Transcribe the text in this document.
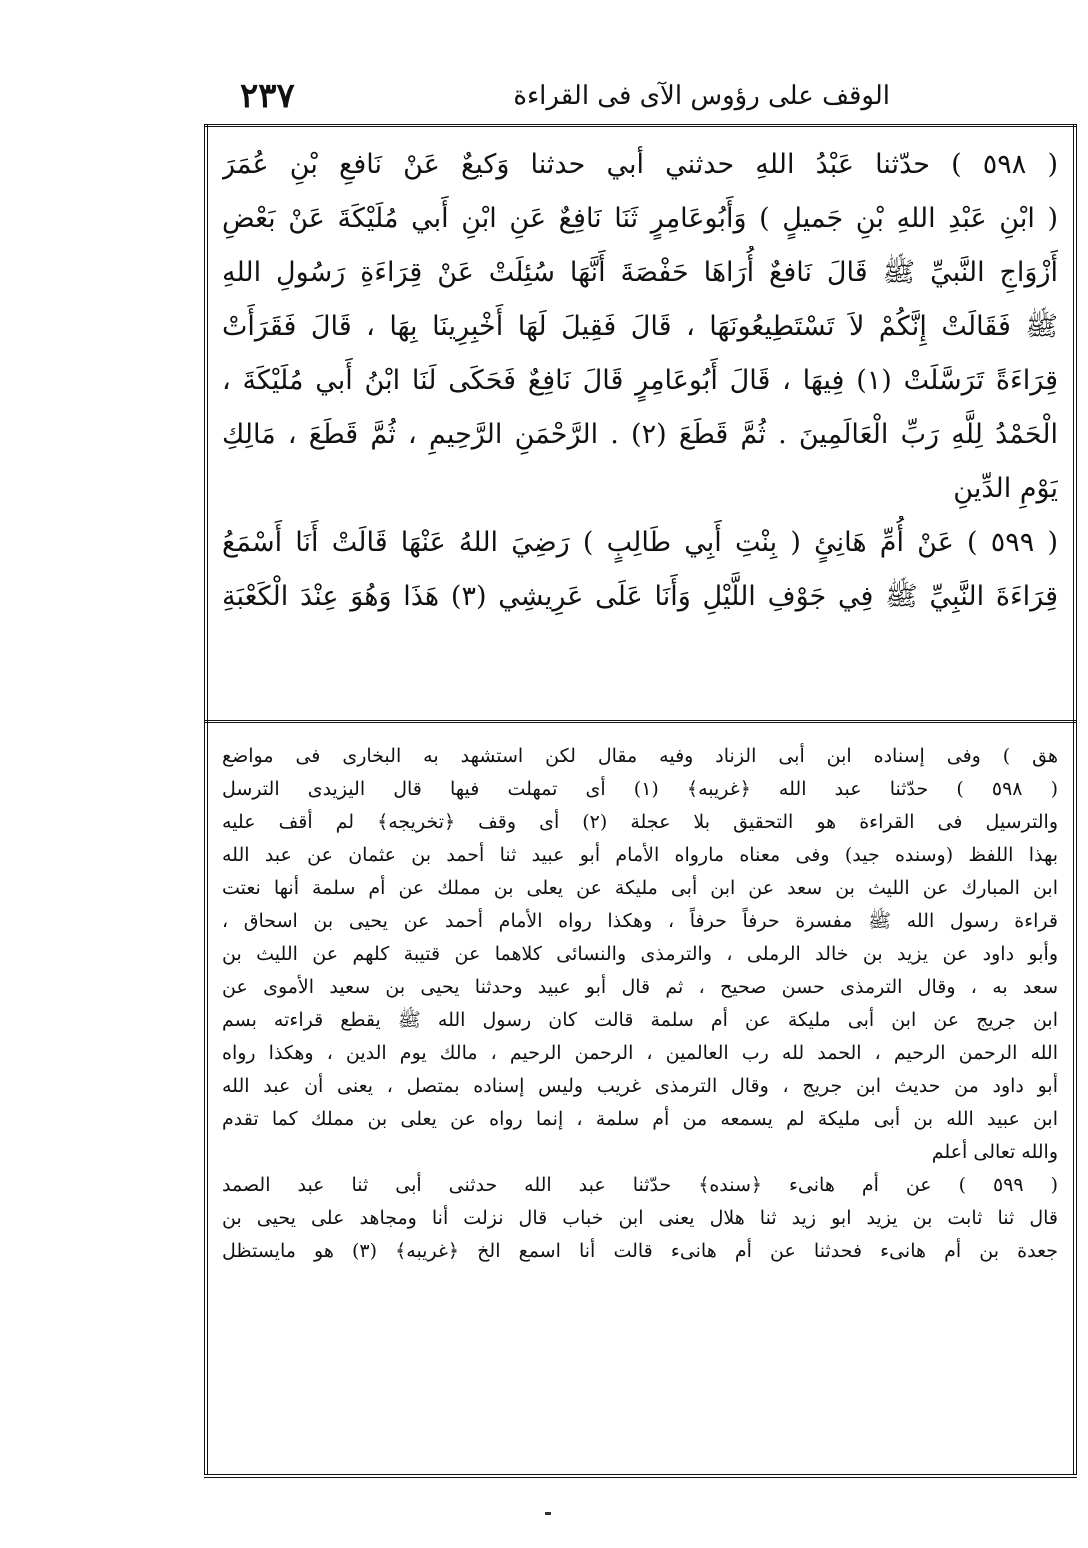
الوقف على رؤوس الآى فى القراءة
٢٣٧
( ٥٩٨ ) حدّثنا عَبْدُ اللهِ حدثني أبي حدثنا وَكيعٌ عَنْ نَافعِ بْنِ عُمَرَ
( ابْنِ عَبْدِ اللهِ بْنِ جَميلٍ ) وَأَبُوعَامِرٍ ثَنَا نَافِعٌ عَنِ ابْنِ أَبي مُلَيْكَةَ عَنْ بَعْضِ
أَزْوَاجِ النَّبيِّ ﷺ قَالَ نَافعٌ أُرَاهَا حَفْصَةَ أَنَّهَا سُئِلَتْ عَنْ قِرَاءَةِ رَسُولِ اللهِ
ﷺ فَقَالَتْ إِنَّكُمْ لاَ تَسْتَطِيعُونَهَا ، قَالَ فَقِيلَ لَهَا أَخْبِرِينَا بِهَا ، قَالَ فَقَرَأَتْ
قِرَاءَةً تَرَسَّلَتْ (١) فِيهَا ، قَالَ أَبُوعَامِرٍ قَالَ نَافِعٌ فَحَكَى لَنَا ابْنُ أَبي مُلَيْكَةَ ،
الْحَمْدُ لِلَّهِ رَبِّ الْعَالَمِينَ . ثُمَّ قَطَعَ (٢) . الرَّحْمَنِ الرَّحِيمِ ، ثُمَّ قَطَعَ ، مَالِكِ
يَوْمِ الدِّينِ
( ٥٩٩ ) عَنْ أُمِّ هَانِئٍ ( بِنْتِ أَبِي طَالِبٍ ) رَضِيَ اللهُ عَنْهَا قَالَتْ أَنَا أَسْمَعُ
قِرَاءَةَ النَّبِيِّ ﷺ فِي جَوْفِ اللَّيْلِ وَأَنَا عَلَى عَرِيشِي (٣) هَذَا وَهُوَ عِنْدَ الْكَعْبَةِ
هق ) وفى إسناده ابن أبى الزناد وفيه مقال لكن استشهد به البخارى فى مواضع
( ٥٩٨ ) حدّثنا عبد الله ﴿غريبه﴾ (١) أى تمهلت فيها قال اليزيدى الترسل
والترسيل فى القراءة هو التحقيق بلا عجلة (٢) أى وقف ﴿تخريجه﴾ لم أقف عليه
بهذا اللفظ (وسنده جيد) وفى معناه مارواه الأمام أبو عبيد ثنا أحمد بن عثمان عن عبد الله
ابن المبارك عن الليث بن سعد عن ابن أبى مليكة عن يعلى بن مملك عن أم سلمة أنها نعتت
قراءة رسول الله ﷺ مفسرة حرفاً حرفاً ، وهكذا رواه الأمام أحمد عن يحيى بن اسحاق ،
وأبو داود عن يزيد بن خالد الرملى ، والترمذى والنسائى كلاهما عن قتيبة كلهم عن الليث بن
سعد به ، وقال الترمذى حسن صحيح ، ثم قال أبو عبيد وحدثنا يحيى بن سعيد الأموى عن
ابن جريج عن ابن أبى مليكة عن أم سلمة قالت كان رسول الله ﷺ يقطع قراءته بسم
الله الرحمن الرحيم ، الحمد لله رب العالمين ، الرحمن الرحيم ، مالك يوم الدين ، وهكذا رواه
أبو داود من حديث ابن جريج ، وقال الترمذى غريب وليس إسناده بمتصل ، يعنى أن عبد الله
ابن عبيد الله بن أبى مليكة لم يسمعه من أم سلمة ، إنما رواه عن يعلى بن مملك كما تقدم
والله تعالى أعلم
( ٥٩٩ ) عن أم هانىء ﴿سنده﴾ حدّثنا عبد الله حدثنى أبى ثنا عبد الصمد
قال ثنا ثابت بن يزيد ابو زيد ثنا هلال يعنى ابن خباب قال نزلت أنا ومجاهد على يحيى بن
جعدة بن أم هانىء فحدثنا عن أم هانىء قالت أنا اسمع الخ ﴿غريبه﴾ (٣) هو مايستظل
